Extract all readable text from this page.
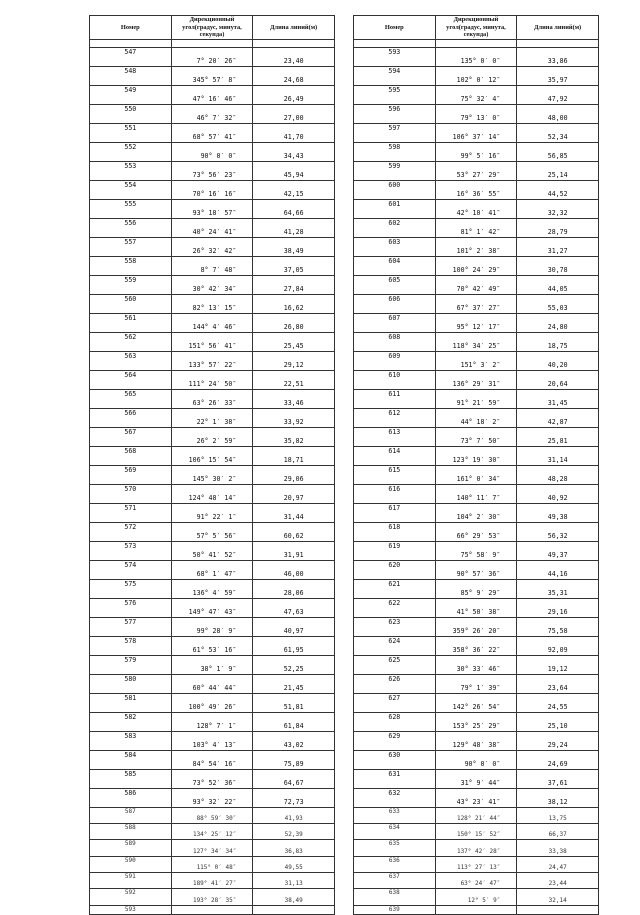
Номер	Дирекционный угол(градус, минута, секунда)	Длина линий(м)

547	7° 20′ 26″	23,40
548	345° 57′ 8″	24,68
549	47° 16′ 46″	26,49
550	46° 7′ 32″	27,00
551	68° 57′ 41″	41,70
552	90° 0′ 0″	34,43
553	73° 56′ 23″	45,94
554	70° 16′ 16″	42,15
555	93° 18′ 57″	64,66
556	40° 24′ 41″	41,28
557	26° 32′ 42″	38,49
558	8° 7′ 48″	37,05
559	30° 42′ 34″	27,84
560	82° 13′ 15″	16,62
561	144° 4′ 46″	26,80
562	151° 56′ 41″	25,45
563	133° 57′ 22″	29,12
564	111° 24′ 50″	22,51
565	63° 26′ 33″	33,46
566	22° 1′ 38″	33,92
567	26° 2′ 59″	35,82
568	106° 15′ 54″	18,71
569	145° 30′ 2″	29,06
570	124° 48′ 14″	20,97
571	91° 22′ 1″	31,44
572	57° 5′ 56″	60,62
573	50° 41′ 52″	31,91
574	68° 1′ 47″	46,00
575	136° 4′ 59″	28,06
576	149° 47′ 43″	47,63
577	99° 28′ 9″	40,97
578	61° 53′ 16″	61,95
579	38° 1′ 9″	52,25
580	60° 44′ 44″	21,45
581	100° 49′ 26″	51,81
582	128° 7′ 1″	61,84
583	103° 4′ 13″	43,02
584	84° 54′ 16″	75,89
585	73° 52′ 36″	64,67
586	93° 32′ 22″	72,73
587	88° 59′ 30″	41,93
588	134° 25′ 12″	52,39
589	127° 34′ 34″	36,83
590	115° 0′ 48″	49,55
591	189° 41′ 27″	31,13
592	193° 28′ 35″	38,49
593		
Номер	Дирекционный угол(градус, минута, секунда)	Длина линий(м)

593	135° 0′ 0″	33,86
594	102° 0′ 12″	35,97
595	75° 32′ 4″	47,92
596	79° 13′ 0″	48,00
597	106° 37′ 14″	52,34
598	99° 5′ 16″	56,85
599	53° 27′ 29″	25,14
600	16° 36′ 55″	44,52
601	42° 10′ 41″	32,32
602	81° 1′ 42″	28,79
603	101° 2′ 38″	31,27
604	100° 24′ 29″	30,78
605	70° 42′ 49″	44,05
606	67° 37′ 27″	55,03
607	95° 12′ 17″	24,80
608	118° 34′ 25″	18,75
609	151° 3′ 2″	40,20
610	136° 29′ 31″	20,64
611	91° 21′ 59″	31,45
612	44° 18′ 2″	42,87
613	73° 7′ 50″	25,81
614	123° 19′ 30″	31,14
615	161° 0′ 34″	48,28
616	140° 11′ 7″	40,92
617	104° 2′ 30″	49,38
618	66° 29′ 53″	56,32
619	75° 58′ 9″	49,37
620	90° 57′ 36″	44,16
621	85° 9′ 29″	35,31
622	41° 50′ 38″	29,16
623	359° 26′ 20″	75,58
624	358° 36′ 22″	92,09
625	30° 33′ 46″	19,12
626	79° 1′ 39″	23,64
627	142° 26′ 54″	24,55
628	153° 25′ 29″	25,10
629	129° 48′ 38″	29,24
630	90° 0′ 0″	24,69
631	31° 9′ 44″	37,61
632	43° 23′ 41″	38,12
633	128° 21′ 44″	13,75
634	150° 15′ 52″	66,37
635	137° 42′ 28″	33,38
636	113° 27′ 13″	24,47
637	63° 24′ 47″	23,44
638	12° 5′ 9″	32,14
639		
